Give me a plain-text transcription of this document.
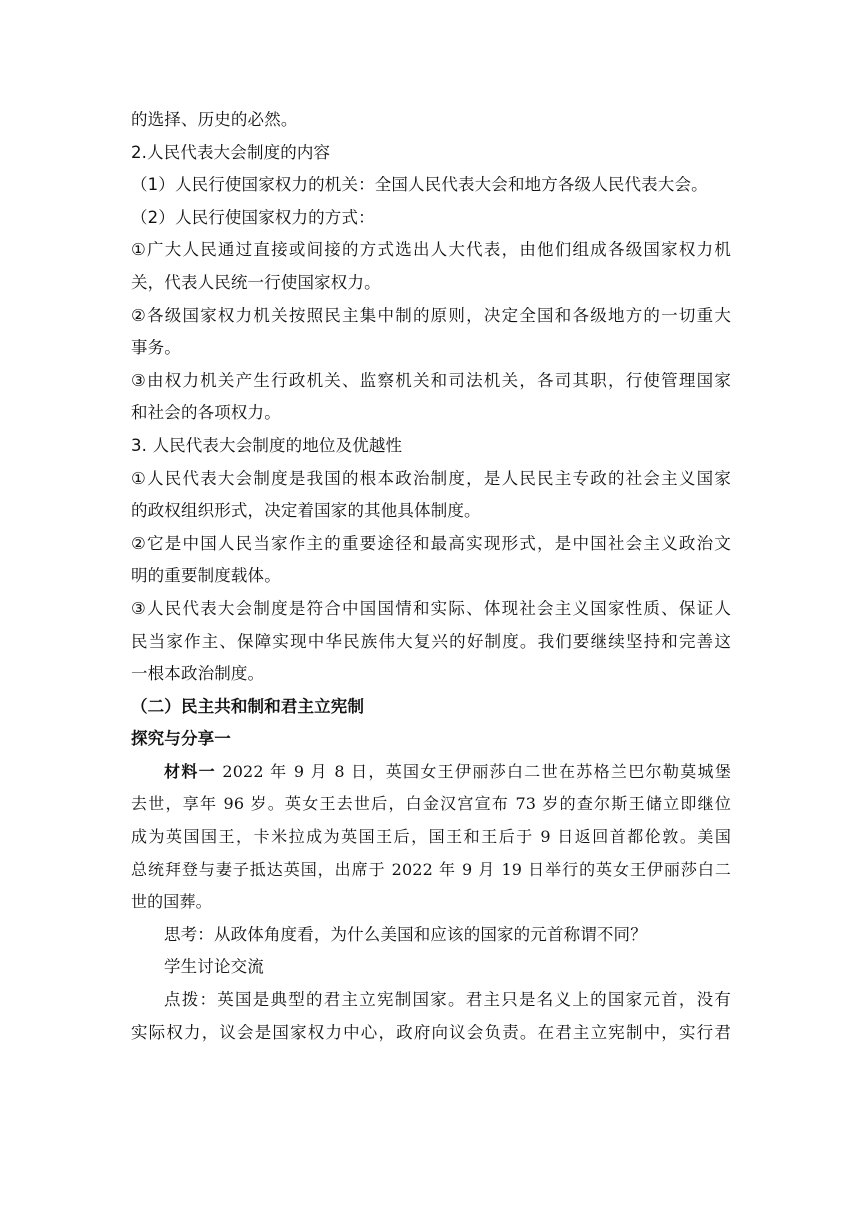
的选择、历史的必然。
2.人民代表大会制度的内容
（1）人民行使国家权力的机关：全国人民代表大会和地方各级人民代表大会。
（2）人民行使国家权力的方式：
①广大人民通过直接或间接的方式选出人大代表，由他们组成各级国家权力机
关，代表人民统一行使国家权力。
②各级国家权力机关按照民主集中制的原则，决定全国和各级地方的一切重大
事务。
③由权力机关产生行政机关、监察机关和司法机关，各司其职，行使管理国家
和社会的各项权力。
3. 人民代表大会制度的地位及优越性
①人民代表大会制度是我国的根本政治制度，是人民民主专政的社会主义国家
的政权组织形式，决定着国家的其他具体制度。
②它是中国人民当家作主的重要途径和最高实现形式，是中国社会主义政治文
明的重要制度载体。
③人民代表大会制度是符合中国国情和实际、体现社会主义国家性质、保证人
民当家作主、保障实现中华民族伟大复兴的好制度。我们要继续坚持和完善这
一根本政治制度。
（二）民主共和制和君主立宪制
探究与分享一
材料一 2022 年 9 月 8 日，英国女王伊丽莎白二世在苏格兰巴尔勒莫城堡
去世，享年 96 岁。英女王去世后，白金汉宫宣布 73 岁的查尔斯王储立即继位
成为英国国王，卡米拉成为英国王后，国王和王后于 9 日返回首都伦敦。美国
总统拜登与妻子抵达英国，出席于 2022 年 9 月 19 日举行的英女王伊丽莎白二
世的国葬。
思考：从政体角度看，为什么美国和应该的国家的元首称谓不同？
学生讨论交流
点拨：英国是典型的君主立宪制国家。君主只是名义上的国家元首，没有
实际权力，议会是国家权力中心，政府向议会负责。在君主立宪制中，实行君
